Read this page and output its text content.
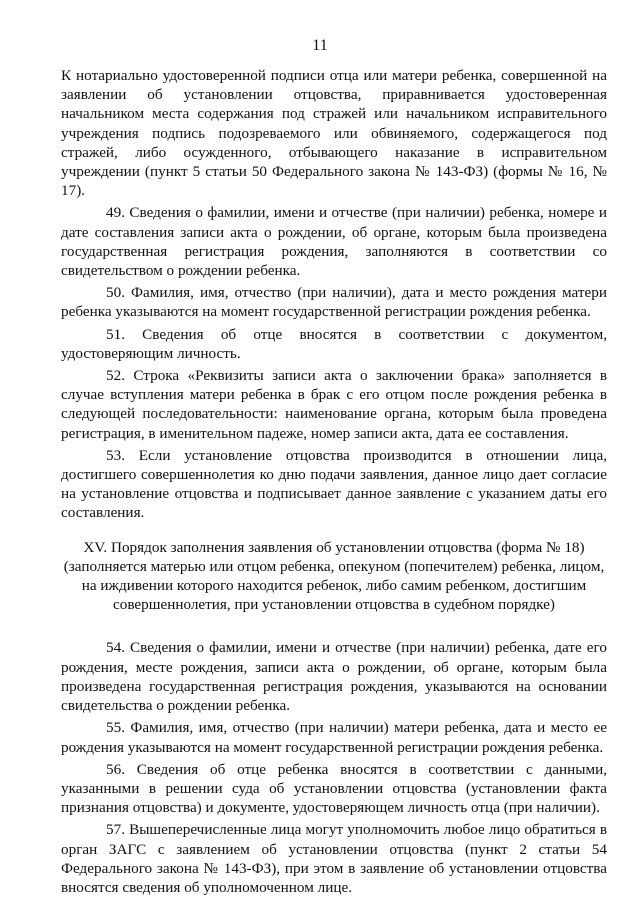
11

К нотариально удостоверенной подписи отца или матери ребенка, совершенной на заявлении об установлении отцовства, приравнивается удостоверенная начальником места содержания под стражей или начальником исправительного учреждения подпись подозреваемого или обвиняемого, содержащегося под стражей, либо осужденного, отбывающего наказание в исправительном учреждении (пункт 5 статьи 50 Федерального закона № 143-ФЗ) (формы № 16, № 17).

49. Сведения о фамилии, имени и отчестве (при наличии) ребенка, номере и дате составления записи акта о рождении, об органе, которым была произведена государственная регистрация рождения, заполняются в соответствии со свидетельством о рождении ребенка.

50. Фамилия, имя, отчество (при наличии), дата и место рождения матери ребенка указываются на момент государственной регистрации рождения ребенка.

51. Сведения об отце вносятся в соответствии с документом, удостоверяющим личность.

52. Строка «Реквизиты записи акта о заключении брака» заполняется в случае вступления матери ребенка в брак с его отцом после рождения ребенка в следующей последовательности: наименование органа, которым была проведена регистрация, в именительном падеже, номер записи акта, дата ее составления.

53. Если установление отцовства производится в отношении лица, достигшего совершеннолетия ко дню подачи заявления, данное лицо дает согласие на установление отцовства и подписывает данное заявление с указанием даты его составления.

XV. Порядок заполнения заявления об установлении отцовства (форма № 18)
(заполняется матерью или отцом ребенка, опекуном (попечителем) ребенка, лицом,
на иждивении которого находится ребенок, либо самим ребенком, достигшим
совершеннолетия, при установлении отцовства в судебном порядке)

54. Сведения о фамилии, имени и отчестве (при наличии) ребенка, дате его рождения, месте рождения, записи акта о рождении, об органе, которым была произведена государственная регистрация рождения, указываются на основании свидетельства о рождении ребенка.

55. Фамилия, имя, отчество (при наличии) матери ребенка, дата и место ее рождения указываются на момент государственной регистрации рождения ребенка.

56. Сведения об отце ребенка вносятся в соответствии с данными, указанными в решении суда об установлении отцовства (установлении факта признания отцовства) и документе, удостоверяющем личность отца (при наличии).

57. Вышеперечисленные лица могут уполномочить любое лицо обратиться в орган ЗАГС с заявлением об установлении отцовства (пункт 2 статьи 54 Федерального закона № 143-ФЗ), при этом в заявление об установлении отцовства вносятся сведения об уполномоченном лице.
